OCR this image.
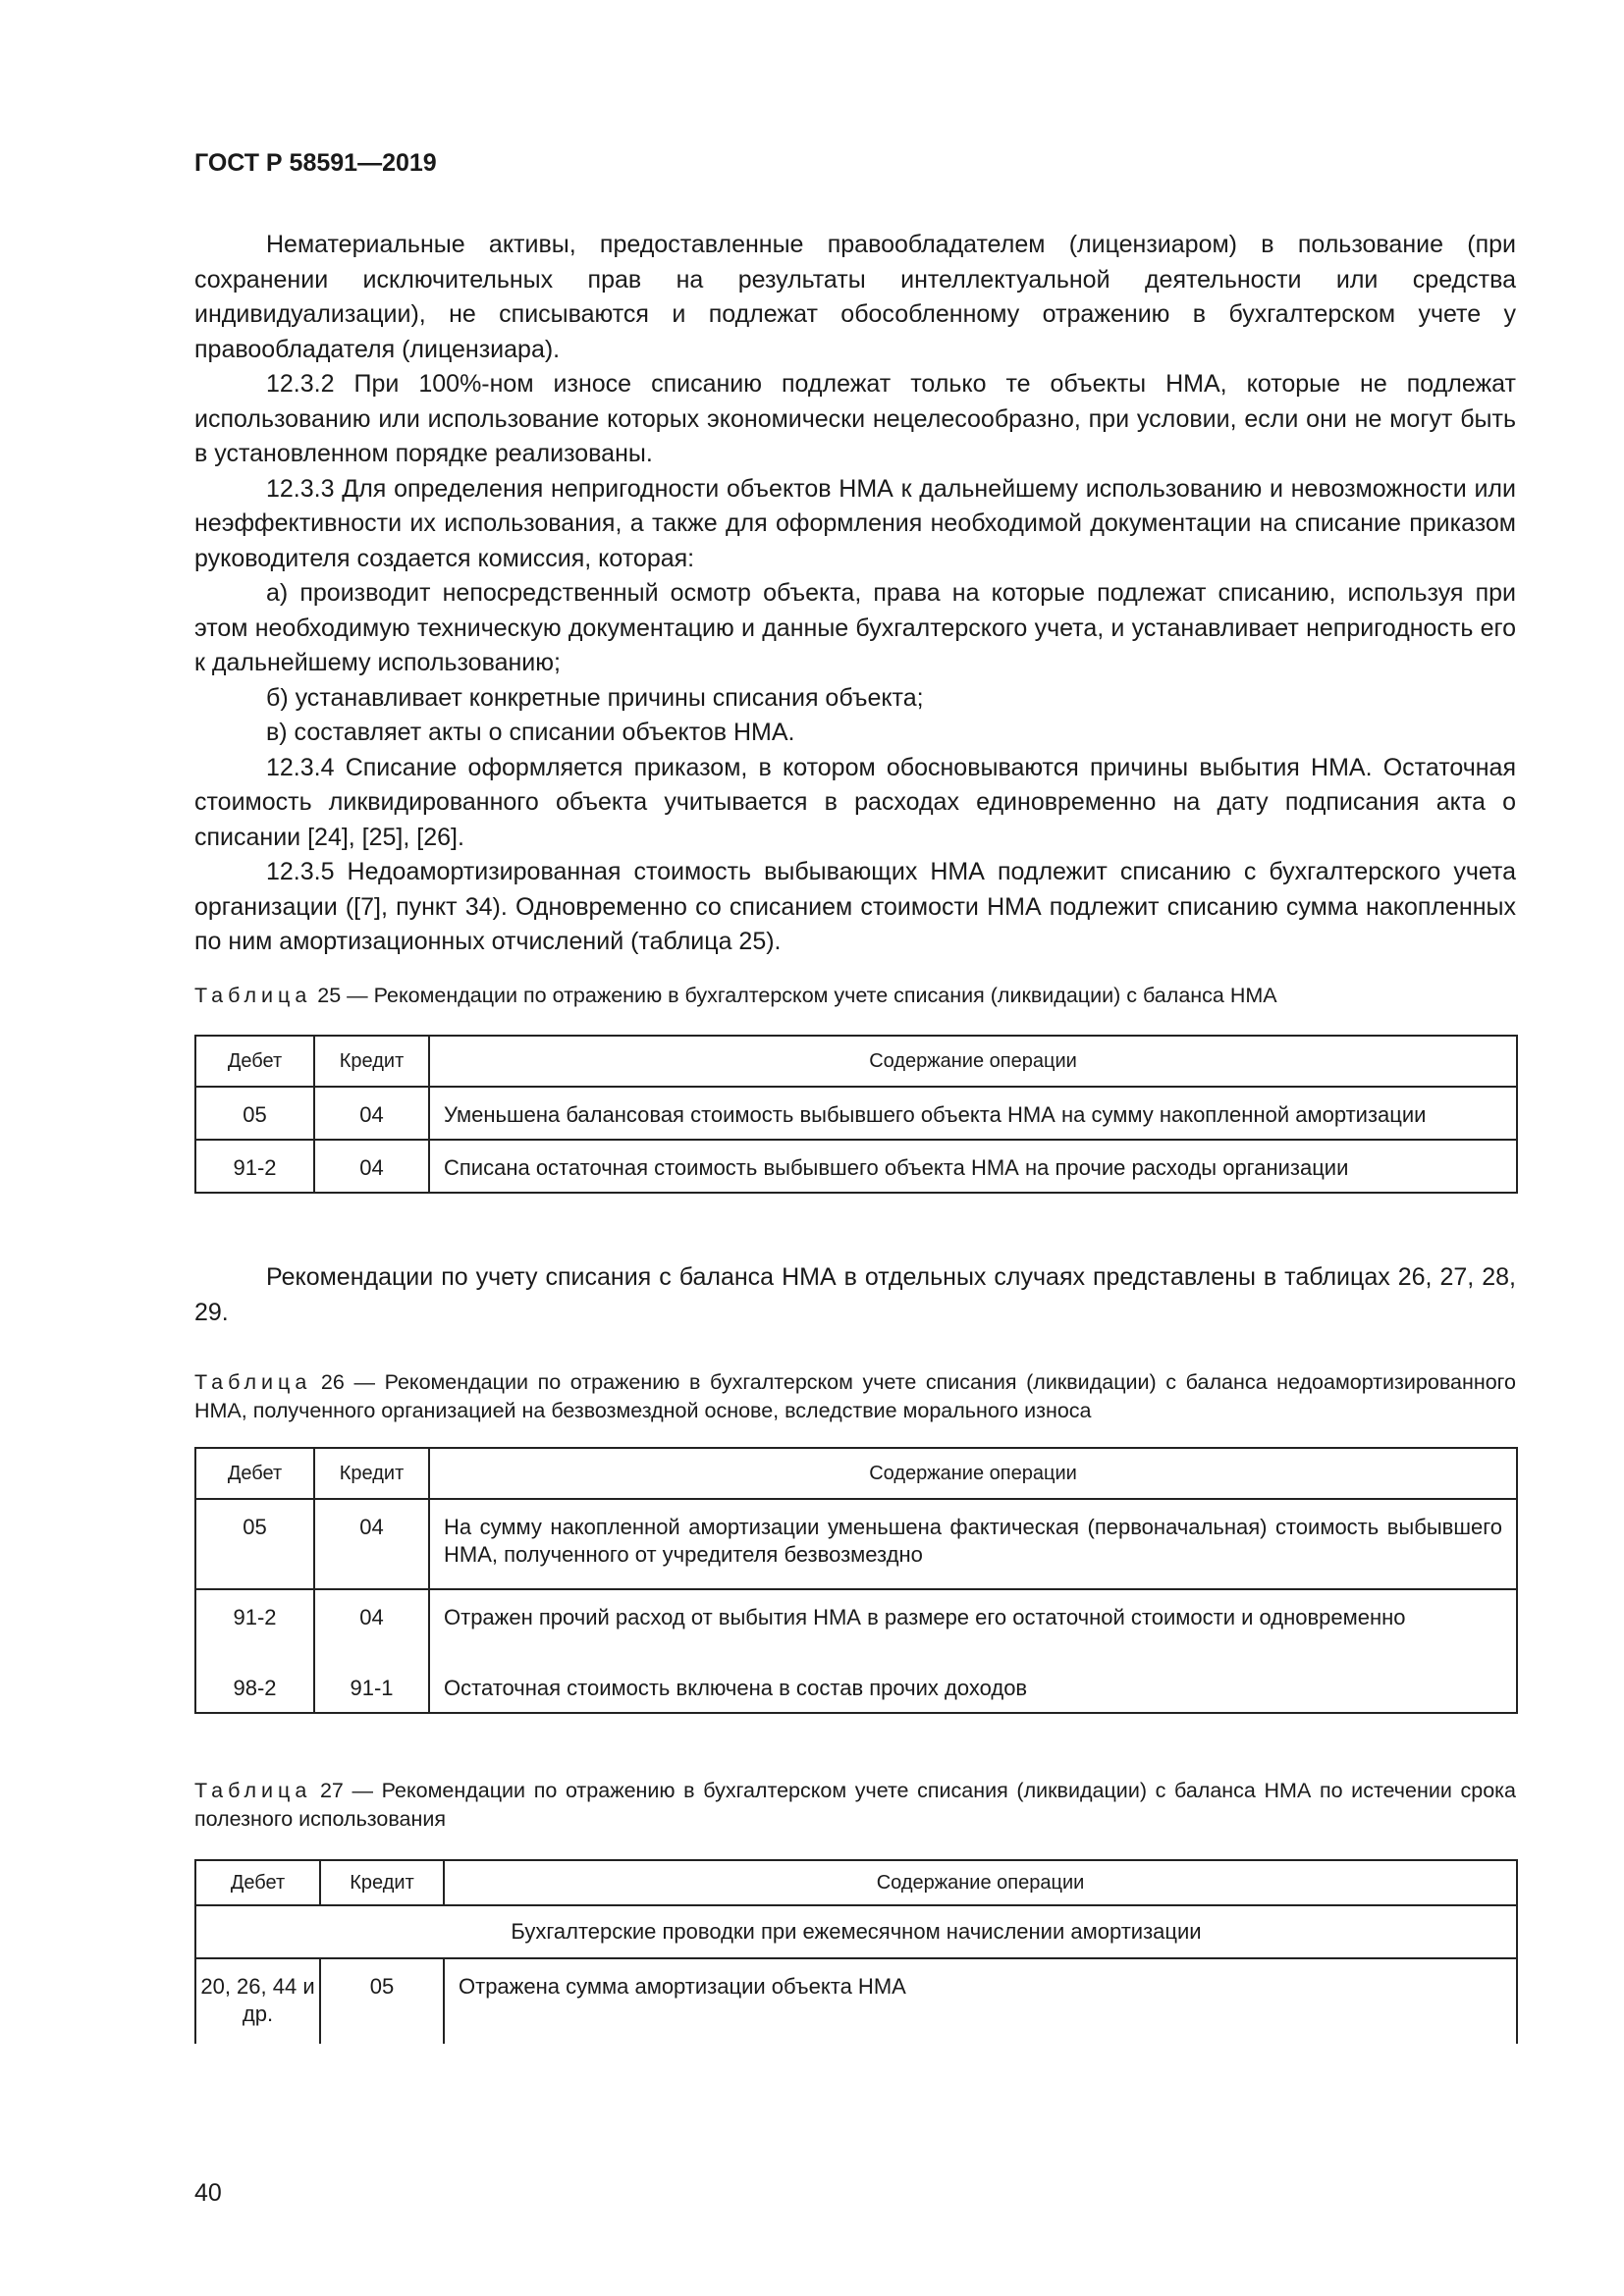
ГОСТ Р 58591—2019

Нематериальные активы, предоставленные правообладателем (лицензиаром) в пользование (при сохранении исключительных прав на результаты интеллектуальной деятельности или средства индивидуализации), не списываются и подлежат обособленному отражению в бухгалтерском учете у правообладателя (лицензиара).

12.3.2 При 100%-ном износе списанию подлежат только те объекты НМА, которые не подлежат использованию или использование которых экономически нецелесообразно, при условии, если они не могут быть в установленном порядке реализованы.

12.3.3 Для определения непригодности объектов НМА к дальнейшему использованию и невозможности или неэффективности их использования, а также для оформления необходимой документации на списание приказом руководителя создается комиссия, которая:

а) производит непосредственный осмотр объекта, права на которые подлежат списанию, используя при этом необходимую техническую документацию и данные бухгалтерского учета, и устанавливает непригодность его к дальнейшему использованию;

б) устанавливает конкретные причины списания объекта;

в) составляет акты о списании объектов НМА.

12.3.4 Списание оформляется приказом, в котором обосновываются причины выбытия НМА. Остаточная стоимость ликвидированного объекта учитывается в расходах единовременно на дату подписания акта о списании [24], [25], [26].

12.3.5 Недоамортизированная стоимость выбывающих НМА подлежит списанию с бухгалтерского учета организации ([7], пункт 34). Одновременно со списанием стоимости НМА подлежит списанию сумма накопленных по ним амортизационных отчислений (таблица 25).

Таблица 25 — Рекомендации по отражению в бухгалтерском учете списания (ликвидации) с баланса НМА
Дебет	Кредит	Содержание операции
05	04	Уменьшена балансовая стоимость выбывшего объекта НМА на сумму накопленной амортизации
91-2	04	Списана остаточная стоимость выбывшего объекта НМА на прочие расходы организации

Рекомендации по учету списания с баланса НМА в отдельных случаях представлены в таблицах 26, 27, 28, 29.

Таблица 26 — Рекомендации по отражению в бухгалтерском учете списания (ликвидации) с баланса недоамортизированного НМА, полученного организацией на безвозмездной основе, вследствие морального износа
Дебет	Кредит	Содержание операции
05	04	На сумму накопленной амортизации уменьшена фактическая (первоначальная) стоимость выбывшего НМА, полученного от учредителя безвозмездно
91-2	04	Отражен прочий расход от выбытия НМА в размере его остаточной стоимости и одновременно
98-2	91-1	Остаточная стоимость включена в состав прочих доходов
Таблица 27 — Рекомендации по отражению в бухгалтерском учете списания (ликвидации) с баланса НМА по истечении срока полезного использования
Дебет	Кредит	Содержание операции
Бухгалтерские проводки при ежемесячном начислении амортизации		
20, 26, 44 и др.	05	Отражена сумма амортизации объекта НМА
40
